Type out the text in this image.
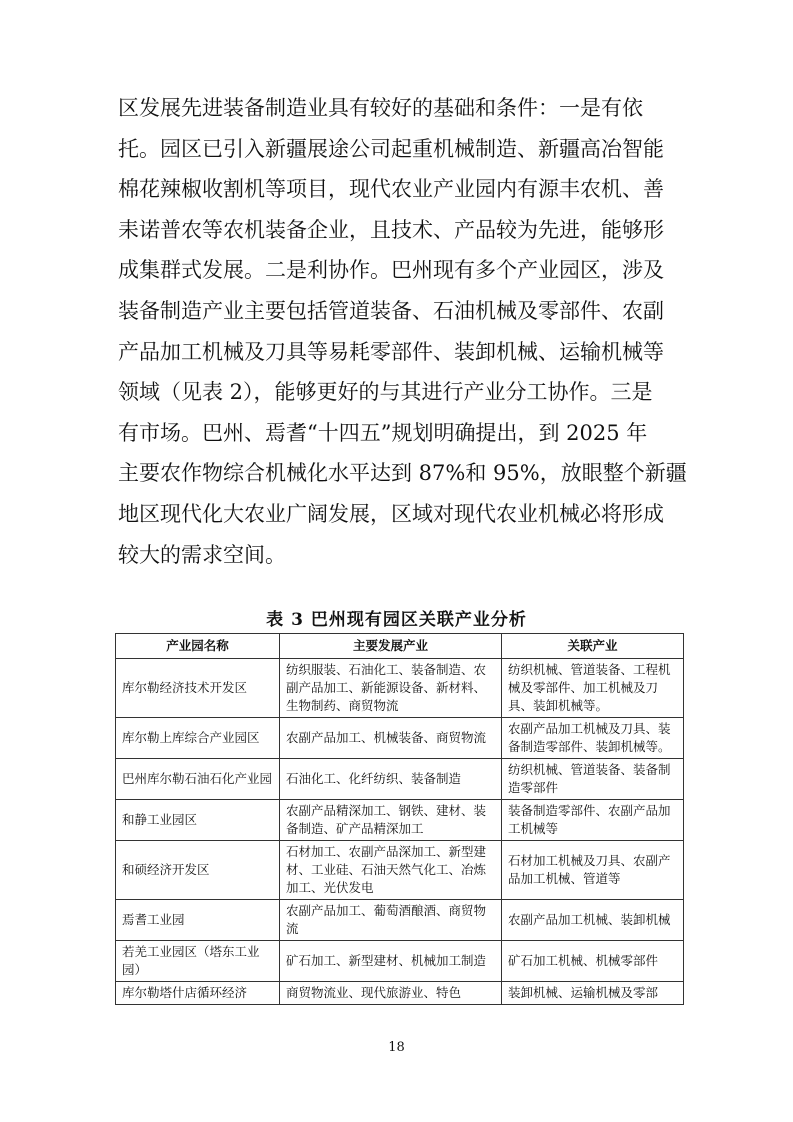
区发展先进装备制造业具有较好的基础和条件：一是有依
托。园区已引入新疆展途公司起重机械制造、新疆高冶智能
棉花辣椒收割机等项目，现代农业产业园内有源丰农机、善
耒诺普农等农机装备企业，且技术、产品较为先进，能够形
成集群式发展。二是利协作。巴州现有多个产业园区，涉及
装备制造产业主要包括管道装备、石油机械及零部件、农副
产品加工机械及刀具等易耗零部件、装卸机械、运输机械等
领域（见表 2），能够更好的与其进行产业分工协作。三是
有市场。巴州、焉耆“十四五”规划明确提出，到 2025 年
主要农作物综合机械化水平达到 87%和 95%，放眼整个新疆
地区现代化大农业广阔发展，区域对现代农业机械必将形成
较大的需求空间。
表 3 巴州现有园区关联产业分析
产业园名称	主要发展产业	关联产业
库尔勒经济技术开发区	纺织服装、石油化工、装备制造、农副产品加工、新能源设备、新材料、生物制药、商贸物流	纺织机械、管道装备、工程机械及零部件、加工机械及刀具、装卸机械等。
库尔勒上库综合产业园区	农副产品加工、机械装备、商贸物流	农副产品加工机械及刀具、装备制造零部件、装卸机械等。
巴州库尔勒石油石化产业园	石油化工、化纤纺织、装备制造	纺织机械、管道装备、装备制造零部件
和静工业园区	农副产品精深加工、钢铁、建材、装备制造、矿产品精深加工	装备制造零部件、农副产品加工机械等
和硕经济开发区	石材加工、农副产品深加工、新型建材、工业硅、石油天然气化工、冶炼加工、光伏发电	石材加工机械及刀具、农副产品加工机械、管道等
焉耆工业园	农副产品加工、葡萄酒酿酒、商贸物流	农副产品加工机械、装卸机械
若羌工业园区（塔东工业园）	矿石加工、新型建材、机械加工制造	矿石加工机械、机械零部件
库尔勒塔什店循环经济	商贸物流业、现代旅游业、特色	装卸机械、运输机械及零部
18
